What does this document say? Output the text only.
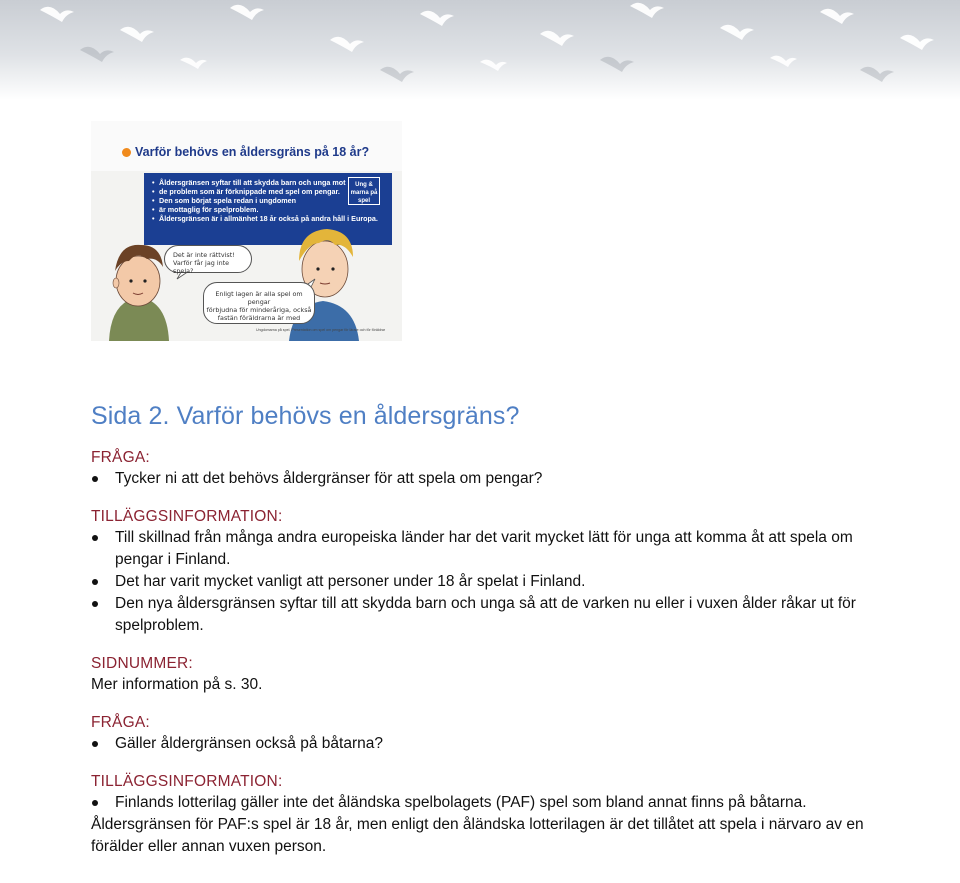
Varför behövs en åldersgräns på 18 år?
• Åldersgränsen syftar till att skydda barn och unga mot
• de problem som är förknippade med spel om pengar.
• Den som börjat spela redan i ungdomen
• är mottaglig för spelproblem.
• Åldersgränsen är i allmänhet 18 år också på andra håll i Europa.
Ung & marna på spel
Det är inte rättvist!
Varför får jag inte spela?
Enligt lagen är alla spel om pengar
förbjudna för minderåriga, också
fastän föräldrarna är med
Ungdomarna på spel. Presentation om spel om pengar för lärare och för föräldrar
Sida 2. Varför behövs en åldersgräns?
FRÅGA:
Tycker ni att det behövs åldergränser för att spela om pengar?
TILLÄGGSINFORMATION:
Till skillnad från många andra europeiska länder har det varit mycket lätt för unga att komma åt att spela om pengar i Finland.
Det har varit mycket vanligt att personer under 18 år spelat i Finland.
Den nya åldersgränsen syftar till att skydda barn och unga så att de varken nu eller i vuxen ålder råkar ut för spelproblem.
SIDNUMMER:
Mer information på s. 30.
FRÅGA:
Gäller åldergränsen också på båtarna?
TILLÄGGSINFORMATION:
Finlands lotterilag gäller inte det åländska spelbolagets (PAF) spel som bland annat finns på båtarna. Åldersgränsen för PAF:s spel är 18 år, men enligt den åländska lotterilagen är det tillåtet att spela i närvaro av en förälder eller annan vuxen person.
